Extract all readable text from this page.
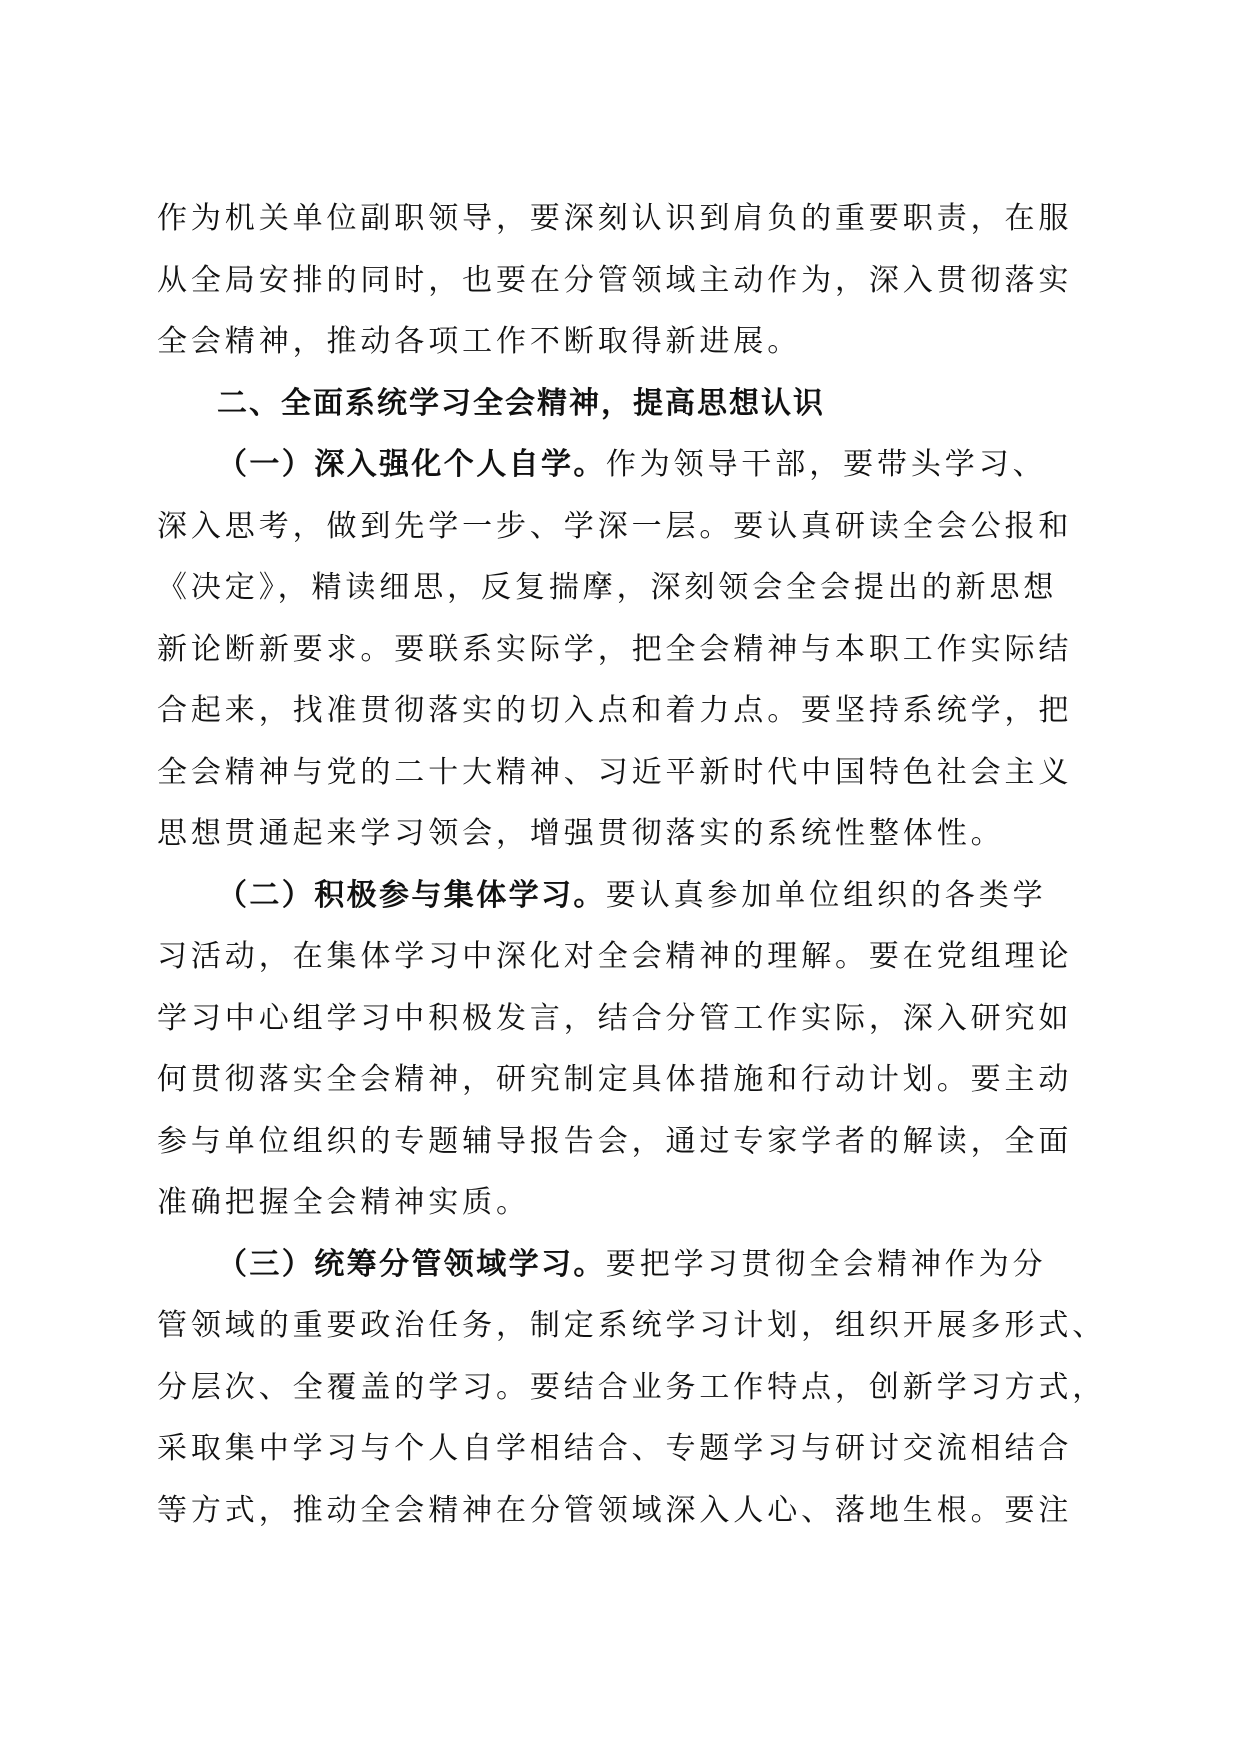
作为机关单位副职领导，要深刻认识到肩负的重要职责，在服
从全局安排的同时，也要在分管领域主动作为，深入贯彻落实
全会精神，推动各项工作不断取得新进展。
二、全面系统学习全会精神，提高思想认识
（一）深入强化个人自学。作为领导干部，要带头学习、
深入思考，做到先学一步、学深一层。要认真研读全会公报和
《决定》，精读细思，反复揣摩，深刻领会全会提出的新思想
新论断新要求。要联系实际学，把全会精神与本职工作实际结
合起来，找准贯彻落实的切入点和着力点。要坚持系统学，把
全会精神与党的二十大精神、习近平新时代中国特色社会主义
思想贯通起来学习领会，增强贯彻落实的系统性整体性。
（二）积极参与集体学习。要认真参加单位组织的各类学
习活动，在集体学习中深化对全会精神的理解。要在党组理论
学习中心组学习中积极发言，结合分管工作实际，深入研究如
何贯彻落实全会精神，研究制定具体措施和行动计划。要主动
参与单位组织的专题辅导报告会，通过专家学者的解读，全面
准确把握全会精神实质。
（三）统筹分管领域学习。要把学习贯彻全会精神作为分
管领域的重要政治任务，制定系统学习计划，组织开展多形式、
分层次、全覆盖的学习。要结合业务工作特点，创新学习方式，
采取集中学习与个人自学相结合、专题学习与研讨交流相结合
等方式，推动全会精神在分管领域深入人心、落地生根。要注
